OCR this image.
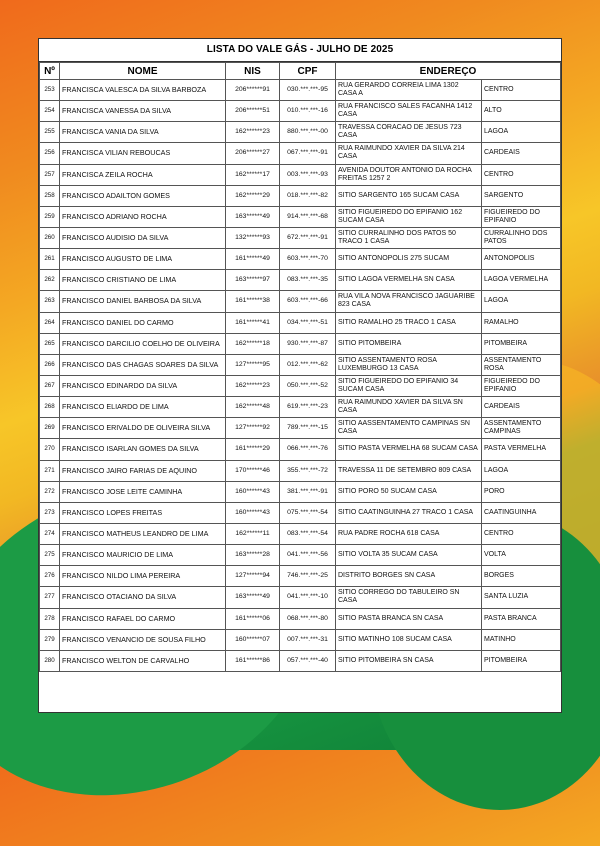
LISTA DO VALE GÁS - JULHO DE 2025
Nº	NOME	NIS	CPF	ENDEREÇO	
253	FRANCISCA VALESCA DA SILVA BARBOZA	206******91	030.***.***-95	RUA GERARDO CORREIA LIMA 1302 CASA A	CENTRO
254	FRANCISCA VANESSA DA SILVA	206******51	010.***.***-16	RUA FRANCISCO SALES FACANHA 1412 CASA	ALTO
255	FRANCISCA VANIA DA SILVA	162******23	880.***.***-00	TRAVESSA CORACAO DE JESUS 723 CASA	LAGOA
256	FRANCISCA VILIAN REBOUCAS	206******27	067.***.***-91	RUA RAIMUNDO XAVIER DA SILVA 214 CASA	CARDEAIS
257	FRANCISCA ZEILA ROCHA	162******17	003.***.***-93	AVENIDA DOUTOR ANTONIO DA ROCHA FREITAS 1257 2	CENTRO
258	FRANCISCO ADAILTON GOMES	162******29	018.***.***-82	SITIO SARGENTO 165 SUCAM CASA	SARGENTO
259	FRANCISCO ADRIANO ROCHA	163******49	914.***.***-68	SITIO FIGUEIREDO DO EPIFANIO 162 SUCAM CASA	FIGUEIREDO DO EPIFANIO
260	FRANCISCO AUDISIO DA SILVA	132******93	672.***.***-91	SITIO CURRALINHO DOS PATOS 50 TRACO 1 CASA	CURRALINHO DOS PATOS
261	FRANCISCO AUGUSTO DE LIMA	161******49	603.***.***-70	SITIO ANTONOPOLIS 275 SUCAM	ANTONOPOLIS
262	FRANCISCO CRISTIANO DE LIMA	163******97	083.***.***-35	SITIO LAGOA VERMELHA SN CASA	LAGOA VERMELHA
263	FRANCISCO DANIEL BARBOSA DA SILVA	161******38	603.***.***-66	RUA VILA NOVA FRANCISCO JAGUARIBE 823 CASA	LAGOA
264	FRANCISCO DANIEL DO CARMO	161******41	034.***.***-51	SITIO RAMALHO 25 TRACO 1 CASA	RAMALHO
265	FRANCISCO DARCILIO COELHO DE OLIVEIRA	162******18	930.***.***-87	SITIO PITOMBEIRA	PITOMBEIRA
266	FRANCISCO DAS CHAGAS SOARES DA SILVA	127******95	012.***.***-62	SITIO ASSENTAMENTO ROSA LUXEMBURGO 13 CASA	ASSENTAMENTO ROSA
267	FRANCISCO EDINARDO DA SILVA	162******23	050.***.***-52	SITIO FIGUEIREDO DO EPIFANIO 34 SUCAM CASA	FIGUEIREDO DO EPIFANIO
268	FRANCISCO ELIARDO DE LIMA	162******48	619.***.***-23	RUA RAIMUNDO XAVIER DA SILVA SN CASA	CARDEAIS
269	FRANCISCO ERIVALDO DE OLIVEIRA SILVA	127******92	789.***.***-15	SITIO AASSENTAMENTO CAMPINAS SN CASA	ASSENTAMENTO CAMPINAS
270	FRANCISCO ISARLAN GOMES DA SILVA	161******29	066.***.***-76	SITIO PASTA VERMELHA 68 SUCAM CASA	PASTA VERMELHA
271	FRANCISCO JAIRO FARIAS DE AQUINO	170******46	355.***.***-72	TRAVESSA 11 DE SETEMBRO 809 CASA	LAGOA
272	FRANCISCO JOSE LEITE CAMINHA	160******43	381.***.***-91	SITIO PORO 50 SUCAM CASA	PORO
273	FRANCISCO LOPES FREITAS	160******43	075.***.***-54	SITIO CAATINGUINHA 27 TRACO 1 CASA	CAATINGUINHA
274	FRANCISCO MATHEUS LEANDRO DE LIMA	162******11	083.***.***-54	RUA PADRE ROCHA 618 CASA	CENTRO
275	FRANCISCO MAURICIO DE LIMA	163******28	041.***.***-56	SITIO VOLTA 35 SUCAM CASA	VOLTA
276	FRANCISCO NILDO LIMA PEREIRA	127******94	746.***.***-25	DISTRITO BORGES SN CASA	BORGES
277	FRANCISCO OTACIANO DA SILVA	163******49	041.***.***-10	SITIO CORREGO DO TABULEIRO SN CASA	SANTA LUZIA
278	FRANCISCO RAFAEL DO CARMO	161******06	068.***.***-80	SITIO PASTA BRANCA SN CASA	PASTA BRANCA
279	FRANCISCO VENANCIO DE SOUSA FILHO	160******07	007.***.***-31	SITIO MATINHO 108 SUCAM CASA	MATINHO
280	FRANCISCO WELTON DE CARVALHO	161******86	057.***.***-40	SITIO PITOMBEIRA SN CASA	PITOMBEIRA
